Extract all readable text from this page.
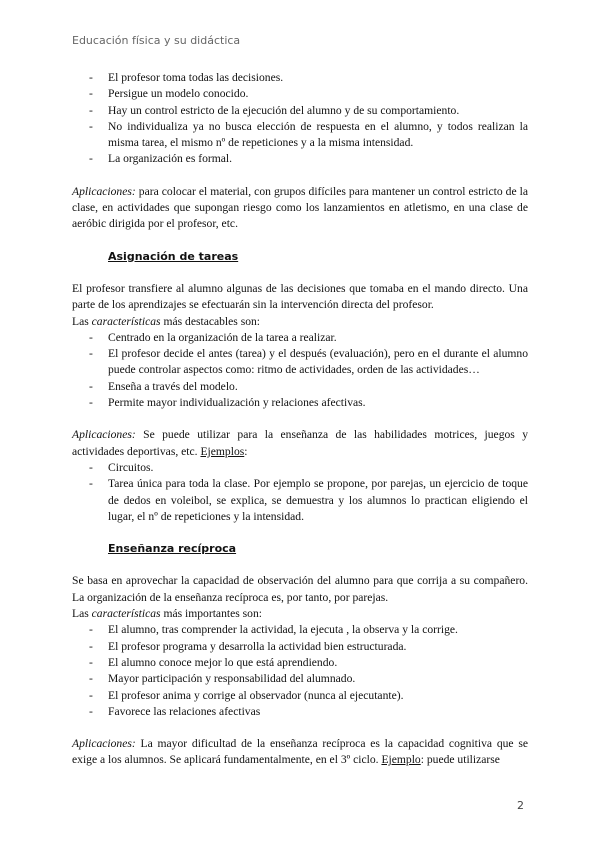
Educación física y su didáctica
- El profesor toma todas las decisiones.
- Persigue un modelo conocido.
- Hay un control estricto de la ejecución del alumno y de su comportamiento.
- No individualiza ya no busca elección de respuesta en el alumno, y todos realizan la misma tarea, el mismo nº de repeticiones y a la misma intensidad.
- La organización es formal.

Aplicaciones: para colocar el material, con grupos difíciles para mantener un control estricto de la clase, en actividades que supongan riesgo como los lanzamientos en atletismo, en una clase de aeróbic dirigida por el profesor, etc.

Asignación de tareas

El profesor transfiere al alumno algunas de las decisiones que tomaba en el mando directo. Una parte de los aprendizajes se efectuarán sin la intervención directa del profesor.

Las características más destacables son:

- Centrado en la organización de la tarea a realizar.
- El profesor decide el antes (tarea) y el después (evaluación), pero en el durante el alumno puede controlar aspectos como: ritmo de actividades, orden de las actividades…
- Enseña a través del modelo.
- Permite mayor individualización y relaciones afectivas.

Aplicaciones: Se puede utilizar para la enseñanza de las habilidades motrices, juegos y actividades deportivas, etc. Ejemplos:

- Circuitos.
- Tarea única para toda la clase. Por ejemplo se propone, por parejas, un ejercicio de toque de dedos en voleibol, se explica, se demuestra y los alumnos lo practican eligiendo el lugar, el nº de repeticiones y la intensidad.
Enseñanza recíproca

Se basa en aprovechar la capacidad de observación del alumno para que corrija a su compañero. La organización de la enseñanza recíproca es, por tanto, por parejas.

Las características más importantes son:

- El alumno, tras comprender la actividad, la ejecuta , la observa y la corrige.
- El profesor programa y desarrolla la actividad bien estructurada.
- El alumno conoce mejor lo que está aprendiendo.
- Mayor participación y responsabilidad del alumnado.
- El profesor anima y corrige al observador (nunca al ejecutante).
- Favorece las relaciones afectivas

Aplicaciones: La mayor dificultad de la enseñanza recíproca es la capacidad cognitiva que se exige a los alumnos. Se aplicará fundamentalmente, en el 3º ciclo. Ejemplo: puede utilizarse

2
